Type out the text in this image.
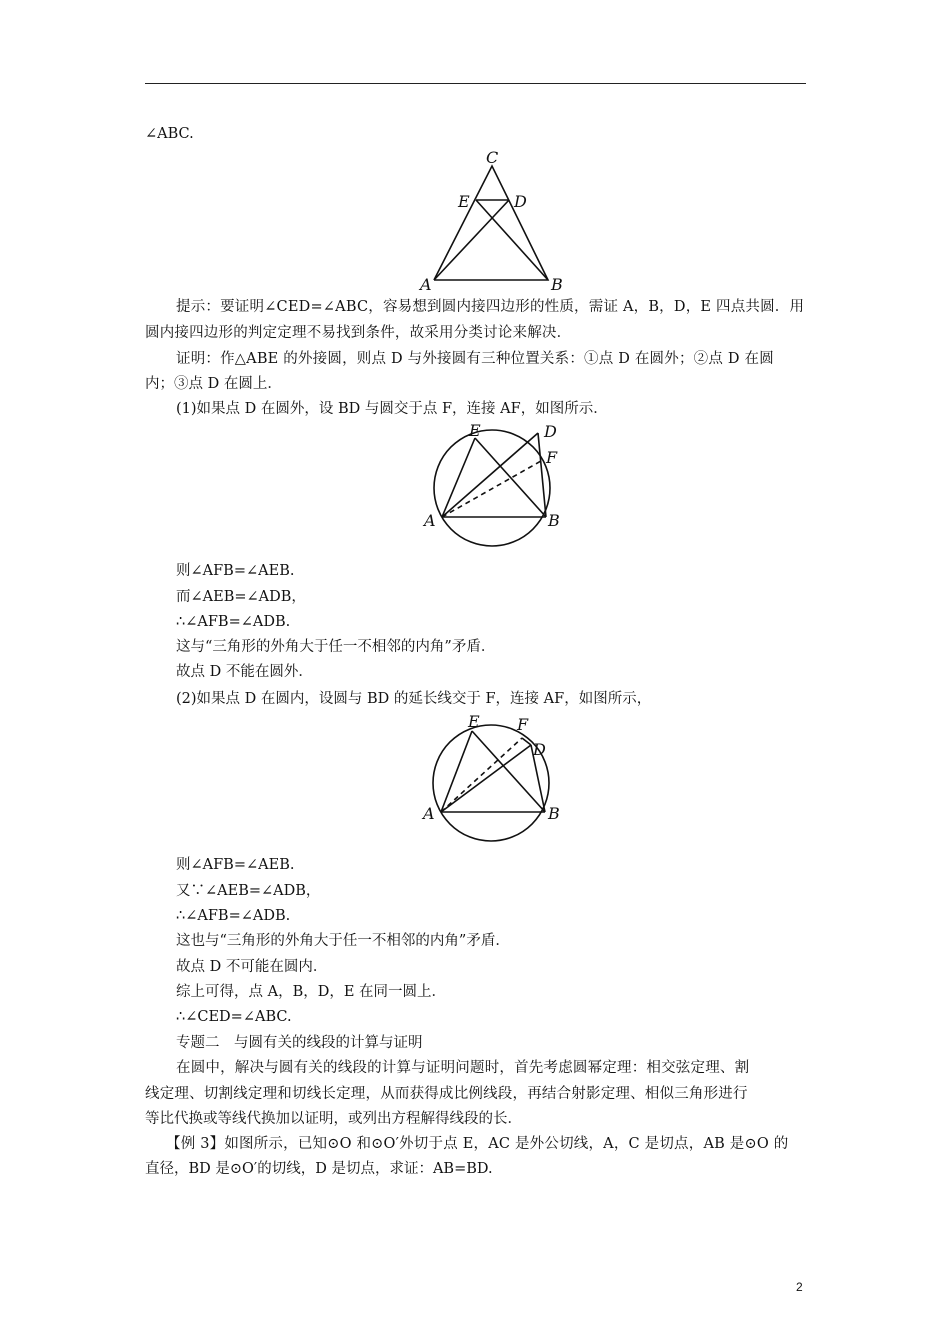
∠ABC.
C
E	D
A	B
提示：要证明∠CED=∠ABC，容易想到圆内接四边形的性质，需证 A，B，D，E 四点共圆．用
圆内接四边形的判定定理不易找到条件，故采用分类讨论来解决．
证明：作△ABE 的外接圆，则点 D 与外接圆有三种位置关系：①点 D 在圆外；②点 D 在圆
内；③点 D 在圆上．
(1)如果点 D 在圆外，设 BD 与圆交于点 F，连接 AF，如图所示．
E	D
F
A	B
则∠AFB=∠AEB.
而∠AEB=∠ADB，
∴∠AFB=∠ADB.
这与“三角形的外角大于任一不相邻的内角”矛盾．
故点 D 不能在圆外．
(2)如果点 D 在圆内，设圆与 BD 的延长线交于 F，连接 AF，如图所示，
E F
D
A	B
则∠AFB=∠AEB.
又∵∠AEB=∠ADB，
∴∠AFB=∠ADB.
这也与“三角形的外角大于任一不相邻的内角”矛盾．
故点 D 不可能在圆内．
综上可得，点 A，B，D，E 在同一圆上．
∴∠CED=∠ABC.
专题二　与圆有关的线段的计算与证明
在圆中，解决与圆有关的线段的计算与证明问题时，首先考虑圆幂定理：相交弦定理、割
线定理、切割线定理和切线长定理，从而获得成比例线段，再结合射影定理、相似三角形进行
等比代换或等线代换加以证明，或列出方程解得线段的长．
【例 3】如图所示，已知⊙O 和⊙O′外切于点 E，AC 是外公切线，A，C 是切点，AB 是⊙O 的
直径，BD 是⊙O′的切线，D 是切点，求证：AB=BD.
2
